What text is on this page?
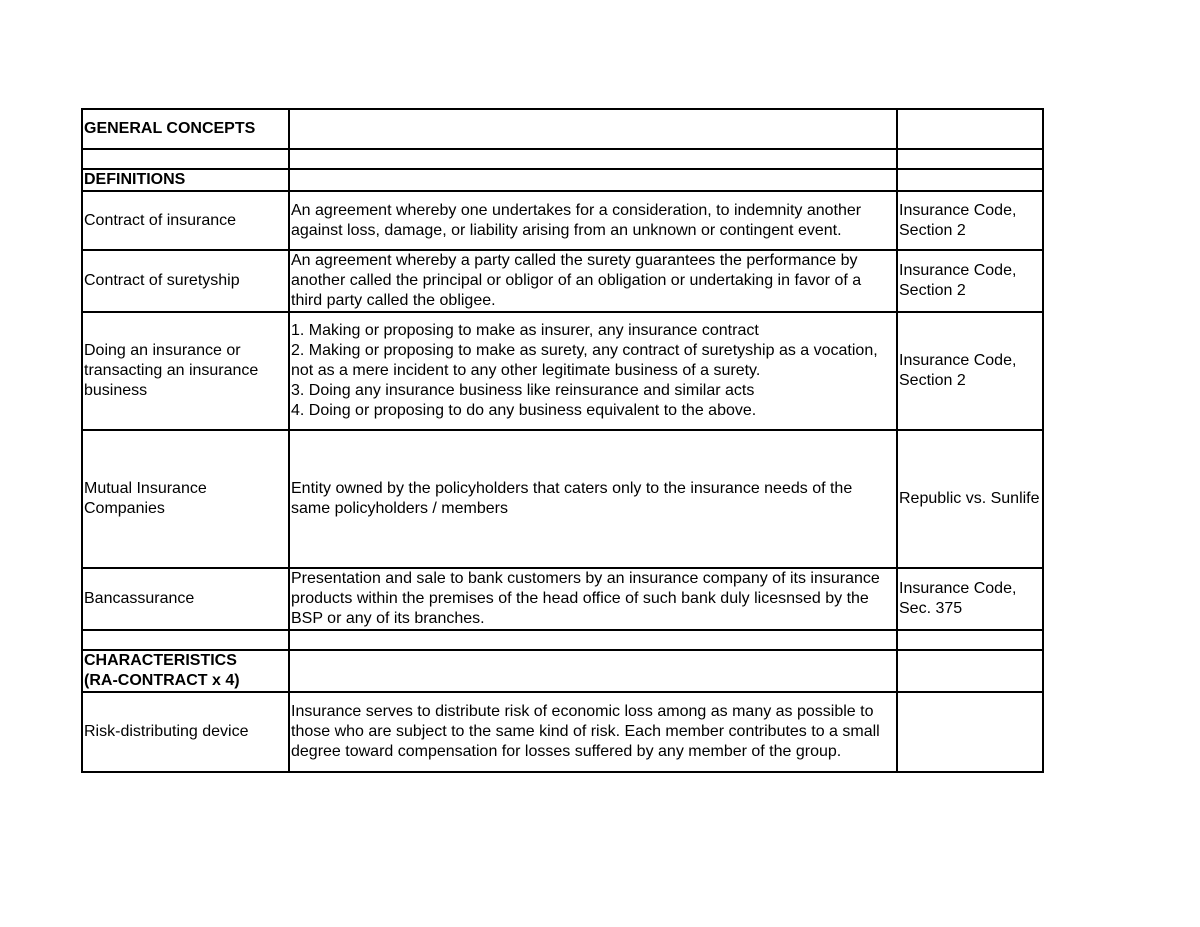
GENERAL CONCEPTS		

DEFINITIONS		
Contract of insurance	An agreement whereby one undertakes for a consideration, to indemnity another against loss, damage, or liability arising from an unknown or contingent event.	Insurance Code, Section 2
Contract of suretyship	An agreement whereby a party called the surety guarantees the performance by another called the principal or obligor of an obligation or undertaking in favor of a third party called the obligee.	Insurance Code, Section 2
Doing an insurance or transacting an insurance business	1. Making or proposing to make as insurer, any insurance contract
2. Making or proposing to make as surety, any contract of suretyship as a vocation, not as a mere incident to any other legitimate business of a surety.
3. Doing any insurance business like reinsurance and similar acts
4. Doing or proposing to do any business equivalent to the above.	Insurance Code, Section 2
Mutual Insurance Companies	Entity owned by the policyholders that caters only to the insurance needs of the same policyholders / members	Republic vs. Sunlife
Bancassurance	Presentation and sale to bank customers by an insurance company of its insurance products within the premises of the head office of such bank duly licesnsed by the BSP or any of its branches.	Insurance Code, Sec. 375

CHARACTERISTICS
(RA-CONTRACT x 4)		

Risk-distributing device	Insurance serves to distribute risk of economic loss among as many as possible to those who are subject to the same kind of risk. Each member contributes to a small degree toward compensation for losses suffered by any member of the group.	
